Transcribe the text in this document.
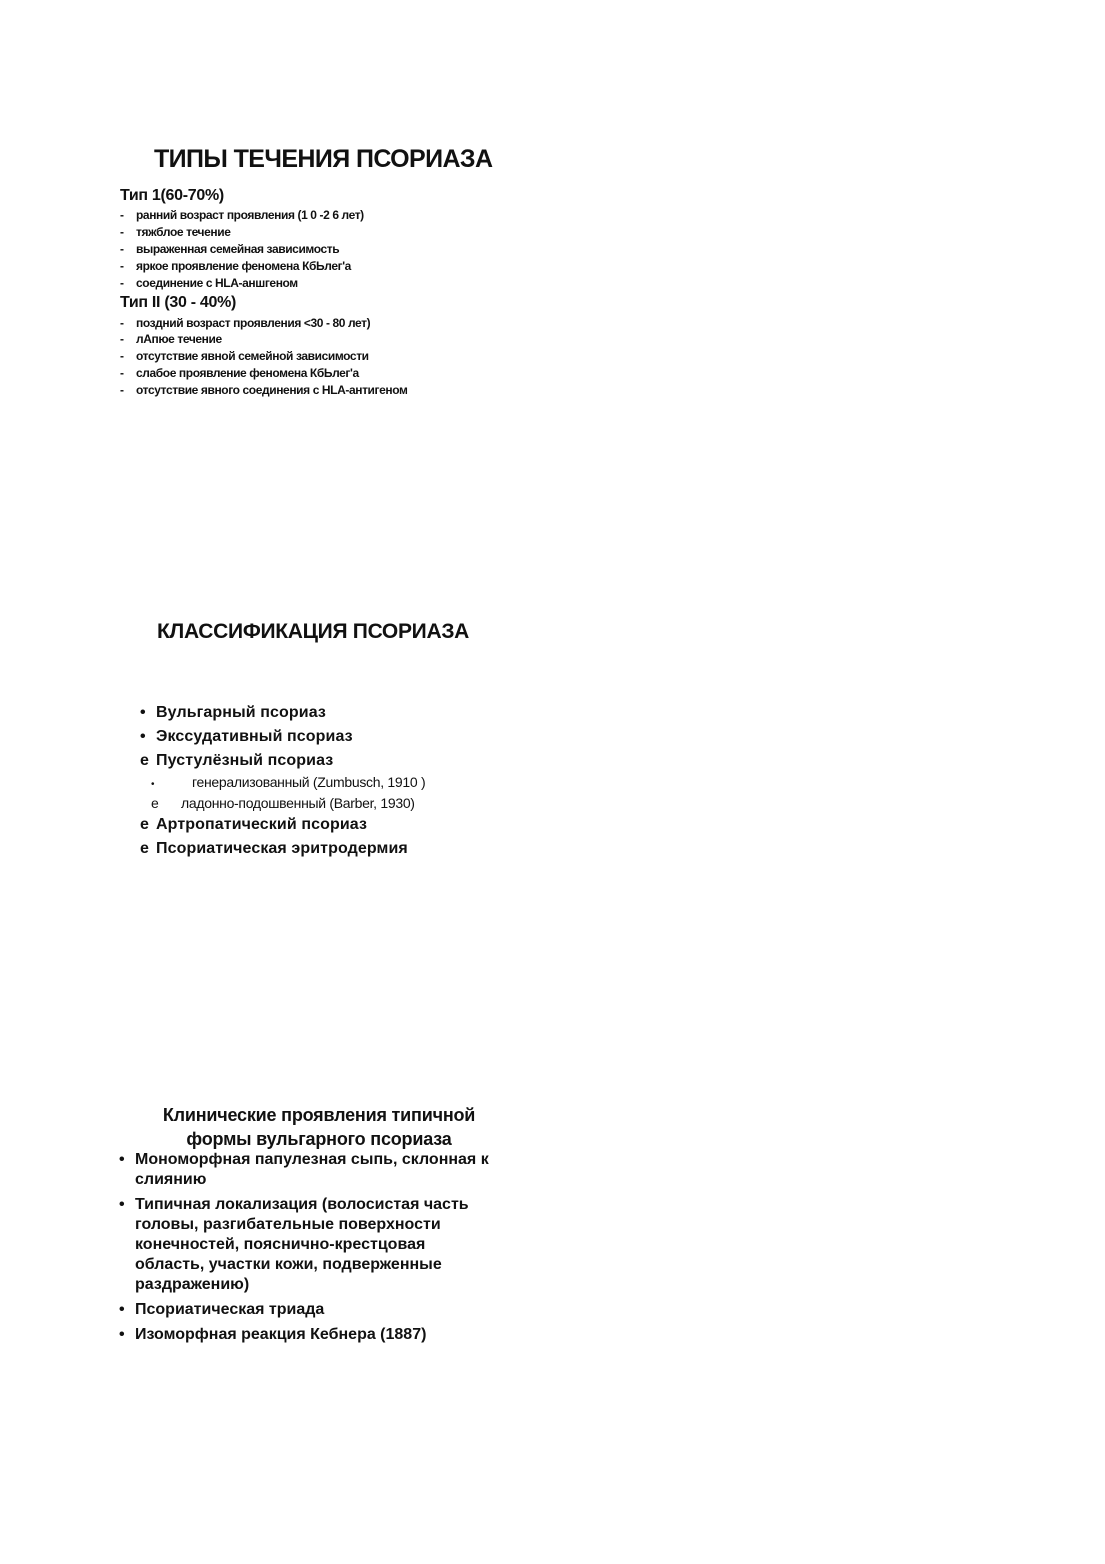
ТИПЫ ТЕЧЕНИЯ ПСОРИАЗА
Тип 1(60-70%)
- ранний возраст проявления (1 0 -2 6 лет)
- тяжблое течение
- выраженная семейная зависимость
- яркое проявление феномена КбЬлег'а
- соединение с HLA-аншгеном
Тип II (30 - 40%)
- поздний возраст проявления <30 - 80 лет)
- лАпюе течение
- отсутствие явной семейной зависимости
- слабое проявление феномена КбЬлег'а
- отсутствие явного соединения с HLA-антигеном
КЛАССИФИКАЦИЯ ПСОРИАЗА
• Вульгарный псориаз
• Экссудативный псориаз
е Пустулёзный псориаз
•	генерализованный (Zumbusch, 1910 )
е ладонно-подошвенный (Barber, 1930)
е Артропатический псориаз
е Псориатическая эритродермия
Клинические проявления типичной
формы вульгарного псориаза
• Мономорфная папулезная сыпь, склонная к слиянию
• Типичная локализация (волосистая часть головы, разгибательные поверхности конечностей, пояснично-крестцовая область, участки кожи, подверженные раздражению)
• Псориатическая триада
• Изоморфная реакция Кебнера (1887)
